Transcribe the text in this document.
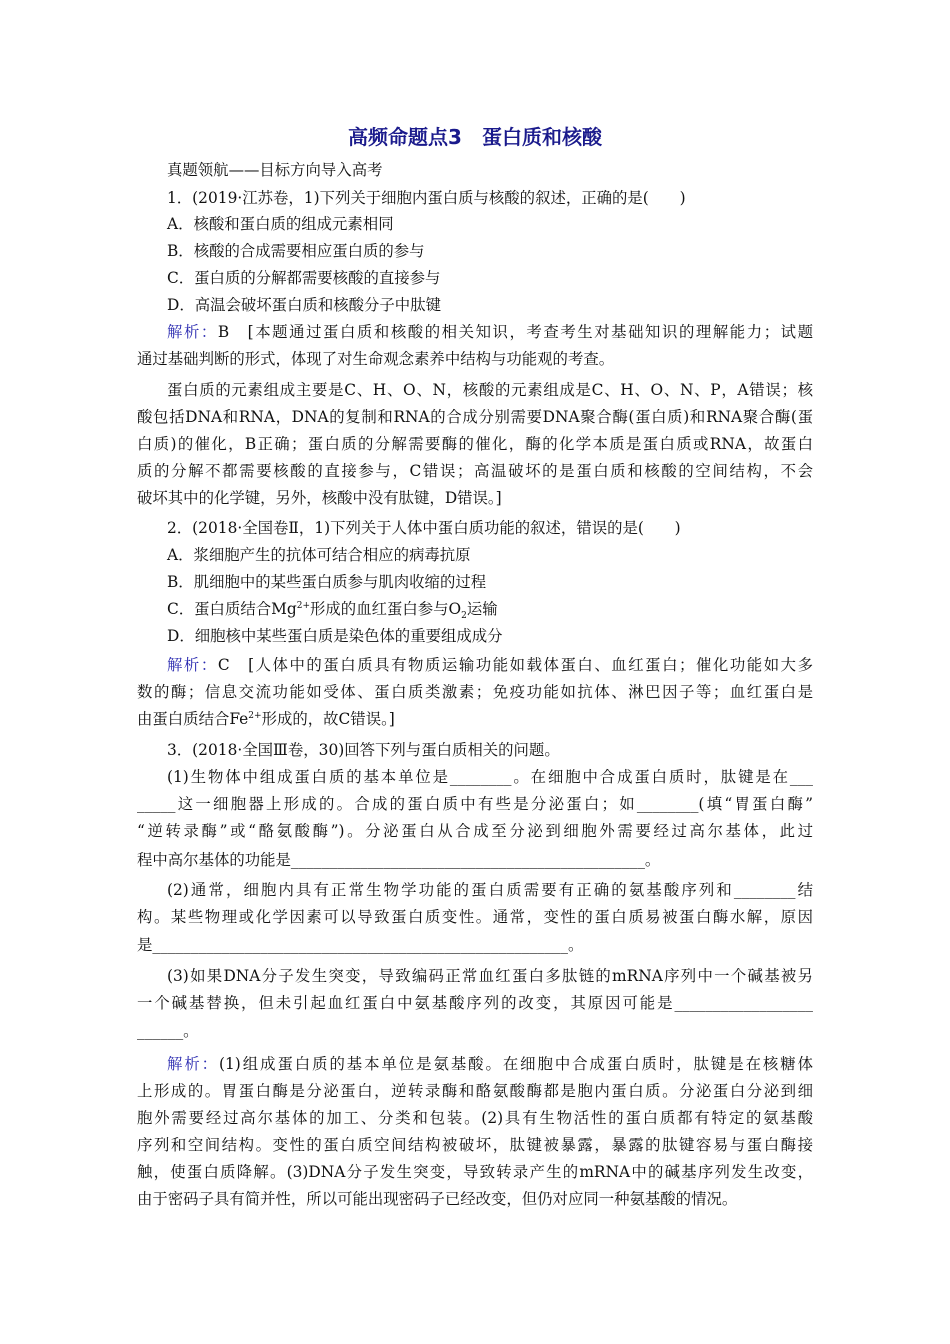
高频命题点3　蛋白质和核酸
真题领航——目标方向导入高考
1．(2019·江苏卷，1)下列关于细胞内蛋白质与核酸的叙述，正确的是(　　)
A．核酸和蛋白质的组成元素相同
B．核酸的合成需要相应蛋白质的参与
C．蛋白质的分解都需要核酸的直接参与
D．高温会破坏蛋白质和核酸分子中肽键
解析：B　[本题通过蛋白质和核酸的相关知识，考查考生对基础知识的理解能力；试题
通过基础判断的形式，体现了对生命观念素养中结构与功能观的考查。
蛋白质的元素组成主要是C、H、O、N，核酸的元素组成是C、H、O、N、P，A错误；核
酸包括DNA和RNA，DNA的复制和RNA的合成分别需要DNA聚合酶(蛋白质)和RNA聚合酶(蛋
白质)的催化，B正确；蛋白质的分解需要酶的催化，酶的化学本质是蛋白质或RNA，故蛋白
质的分解不都需要核酸的直接参与，C错误；高温破坏的是蛋白质和核酸的空间结构，不会
破坏其中的化学键，另外，核酸中没有肽键，D错误。]
2．(2018·全国卷Ⅱ，1)下列关于人体中蛋白质功能的叙述，错误的是(　　)
A．浆细胞产生的抗体可结合相应的病毒抗原
B．肌细胞中的某些蛋白质参与肌肉收缩的过程
C．蛋白质结合$Mg^{2+}$形成的血红蛋白参与$O_2$运输
D．细胞核中某些蛋白质是染色体的重要组成成分
解析：C　[人体中的蛋白质具有物质运输功能如载体蛋白、血红蛋白；催化功能如大多
数的酶；信息交流功能如受体、蛋白质类激素；免疫功能如抗体、淋巴因子等；血红蛋白是
由蛋白质结合$Fe^{2+}$形成的，故C错误。]
3．(2018·全国Ⅲ卷，30)回答下列与蛋白质相关的问题。
(1)生物体中组成蛋白质的基本单位是________。在细胞中合成蛋白质时，肽键是在___
_____这一细胞器上形成的。合成的蛋白质中有些是分泌蛋白；如________(填“胃蛋白酶”
“逆转录酶”或“酪氨酸酶”)。分泌蛋白从合成至分泌到细胞外需要经过高尔基体，此过
程中高尔基体的功能是______________________________________________。
(2)通常，细胞内具有正常生物学功能的蛋白质需要有正确的氨基酸序列和________结
构。某些物理或化学因素可以导致蛋白质变性。通常，变性的蛋白质易被蛋白酶水解，原因
是______________________________________________________。
(3)如果DNA分子发生突变，导致编码正常血红蛋白多肽链的mRNA序列中一个碱基被另
一个碱基替换，但未引起血红蛋白中氨基酸序列的改变，其原因可能是__________________
______。
解析：(1)组成蛋白质的基本单位是氨基酸。在细胞中合成蛋白质时，肽键是在核糖体
上形成的。胃蛋白酶是分泌蛋白，逆转录酶和酪氨酸酶都是胞内蛋白质。分泌蛋白分泌到细
胞外需要经过高尔基体的加工、分类和包装。(2)具有生物活性的蛋白质都有特定的氨基酸
序列和空间结构。变性的蛋白质空间结构被破坏，肽键被暴露，暴露的肽键容易与蛋白酶接
触，使蛋白质降解。(3)DNA分子发生突变，导致转录产生的mRNA中的碱基序列发生改变，
由于密码子具有简并性，所以可能出现密码子已经改变，但仍对应同一种氨基酸的情况。
